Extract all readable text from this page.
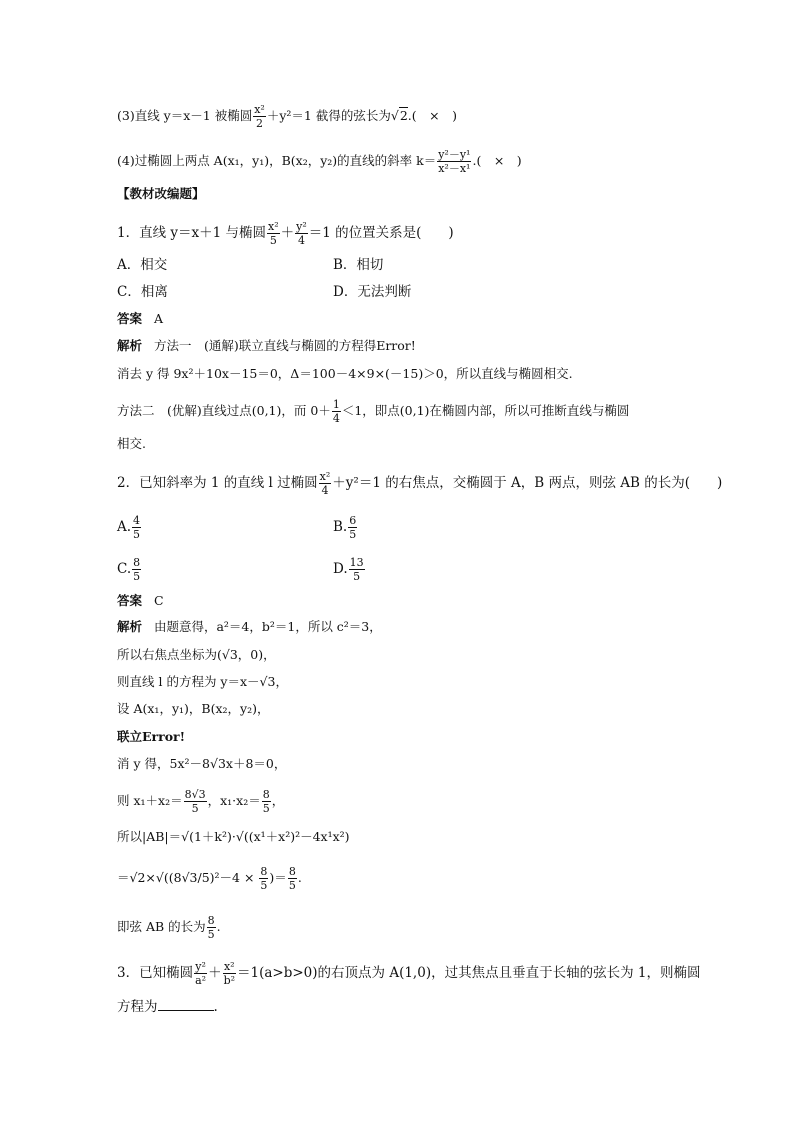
(3)直线 y＝x－1 被椭圆 $\frac{\text{x²}}{2} +y^2=1$ 截得的弦长为√2.(　×　)
(4)过椭圆上两点 A(x₁，y₁)，B(x₂，y₂)的直线的斜率 $k= \frac{\text{y²－y¹}}{\text{x²－x¹}}$ .(　×　)
【教材改编题】
1．直线 y＝x＋1 与椭圆 $\frac{\text{x²}}{5} + \frac{\text{y²}}{4} =1$ 的位置关系是(　　)
A．相交	B．相切
C．相离	D．无法判断
答案 A
解析 方法一　(通解)联立直线与椭圆的方程得Error!
消去 y 得 9x²＋10x－15＝0，Δ＝100－4×9×(－15)＞0，所以直线与椭圆相交.
方法二　(优解)直线过点(0,1)，而 $0+ \frac{1}{4} <1$，即点(0,1)在椭圆内部，所以可推断直线与椭圆
相交.
2．已知斜率为 1 的直线 l 过椭圆 $\frac{\text{x²}}{4} +y^2=1$ 的右焦点，交椭圆于 A，B 两点，则弦 AB 的长为(　　)
A. $\frac{4}{5}$	B. $\frac{6}{5}$
C. $\frac{8}{5}$	D. $\frac{13}{5}$
答案 C
解析 由题意得，a²＝4，b²＝1，所以 c²＝3，
所以右焦点坐标为(√3，0)，
则直线 l 的方程为 y＝x－√3，
设 A(x₁，y₁)，B(x₂，y₂)，
联立Error!
消 y 得，5x²－8√3x＋8＝0，
则 $x_1+x_2= \frac{8√3}{5}$ ，$x_1\cdot x_2= \frac{8}{5}$ ，
所以|AB|＝√(1＋k²)·√((x¹＋x²)²－4x¹x²)
$=√2\times√((8√3/5)^2-4 \times \frac{8}{5}$ )＝ $\frac{8}{5}$ .
即弦 AB 的长为 $\frac{8}{5}$ .
3．已知椭圆 $\frac{\text{y²}}{\text{a²}} + \frac{\text{x²}}{\text{b²}} =1(a>b>0)$的右顶点为 A(1,0)，过其焦点且垂直于长轴的弦长为 1，则椭圆
方程为	.
